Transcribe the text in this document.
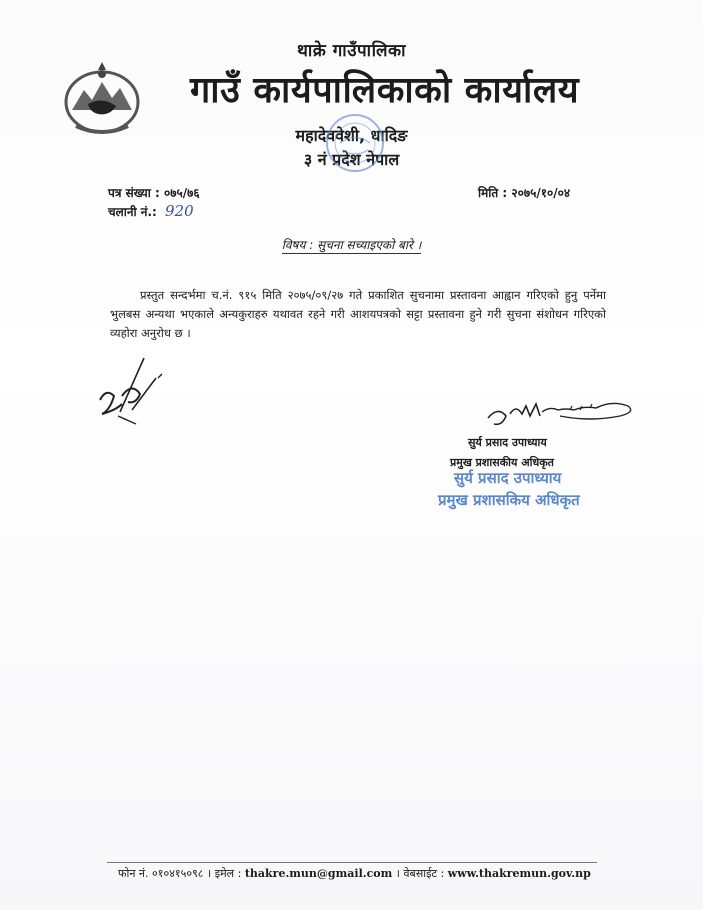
थाक्रे गाउँपालिका
गाउँ कार्यपालिकाको कार्यालय
महादेववेशी, धादिङ
३ नं प्रदेश नेपाल
पत्र संख्या : ०७५/७६
चलानी नं.: 920
मिति : २०७५/१०/०४
विषय : सुचना सच्याइएको बारे ।
प्रस्तुत सन्दर्भमा च.नं. ९१५ मिति २०७५/०९/२७ गते प्रकाशित सुचनामा प्रस्तावना आह्वान गरिएको हुनु पर्नेमा भुलबस अन्यथा भएकाले अन्यकुराहरु यथावत रहने गरी आशयपत्रको सट्टा प्रस्तावना हुने गरी सुचना संशोधन गरिएको व्यहोरा अनुरोध छ ।
सुर्य प्रसाद उपाध्याय
प्रमुख प्रशासकीय अधिकृत
सुर्य प्रसाद उपाध्याय
प्रमुख प्रशासकिय अधिकृत
फोन नं. ०१०४१५०९८ । इमेल : thakre.mun@gmail.com । वेबसाईट : www.thakremun.gov.np
